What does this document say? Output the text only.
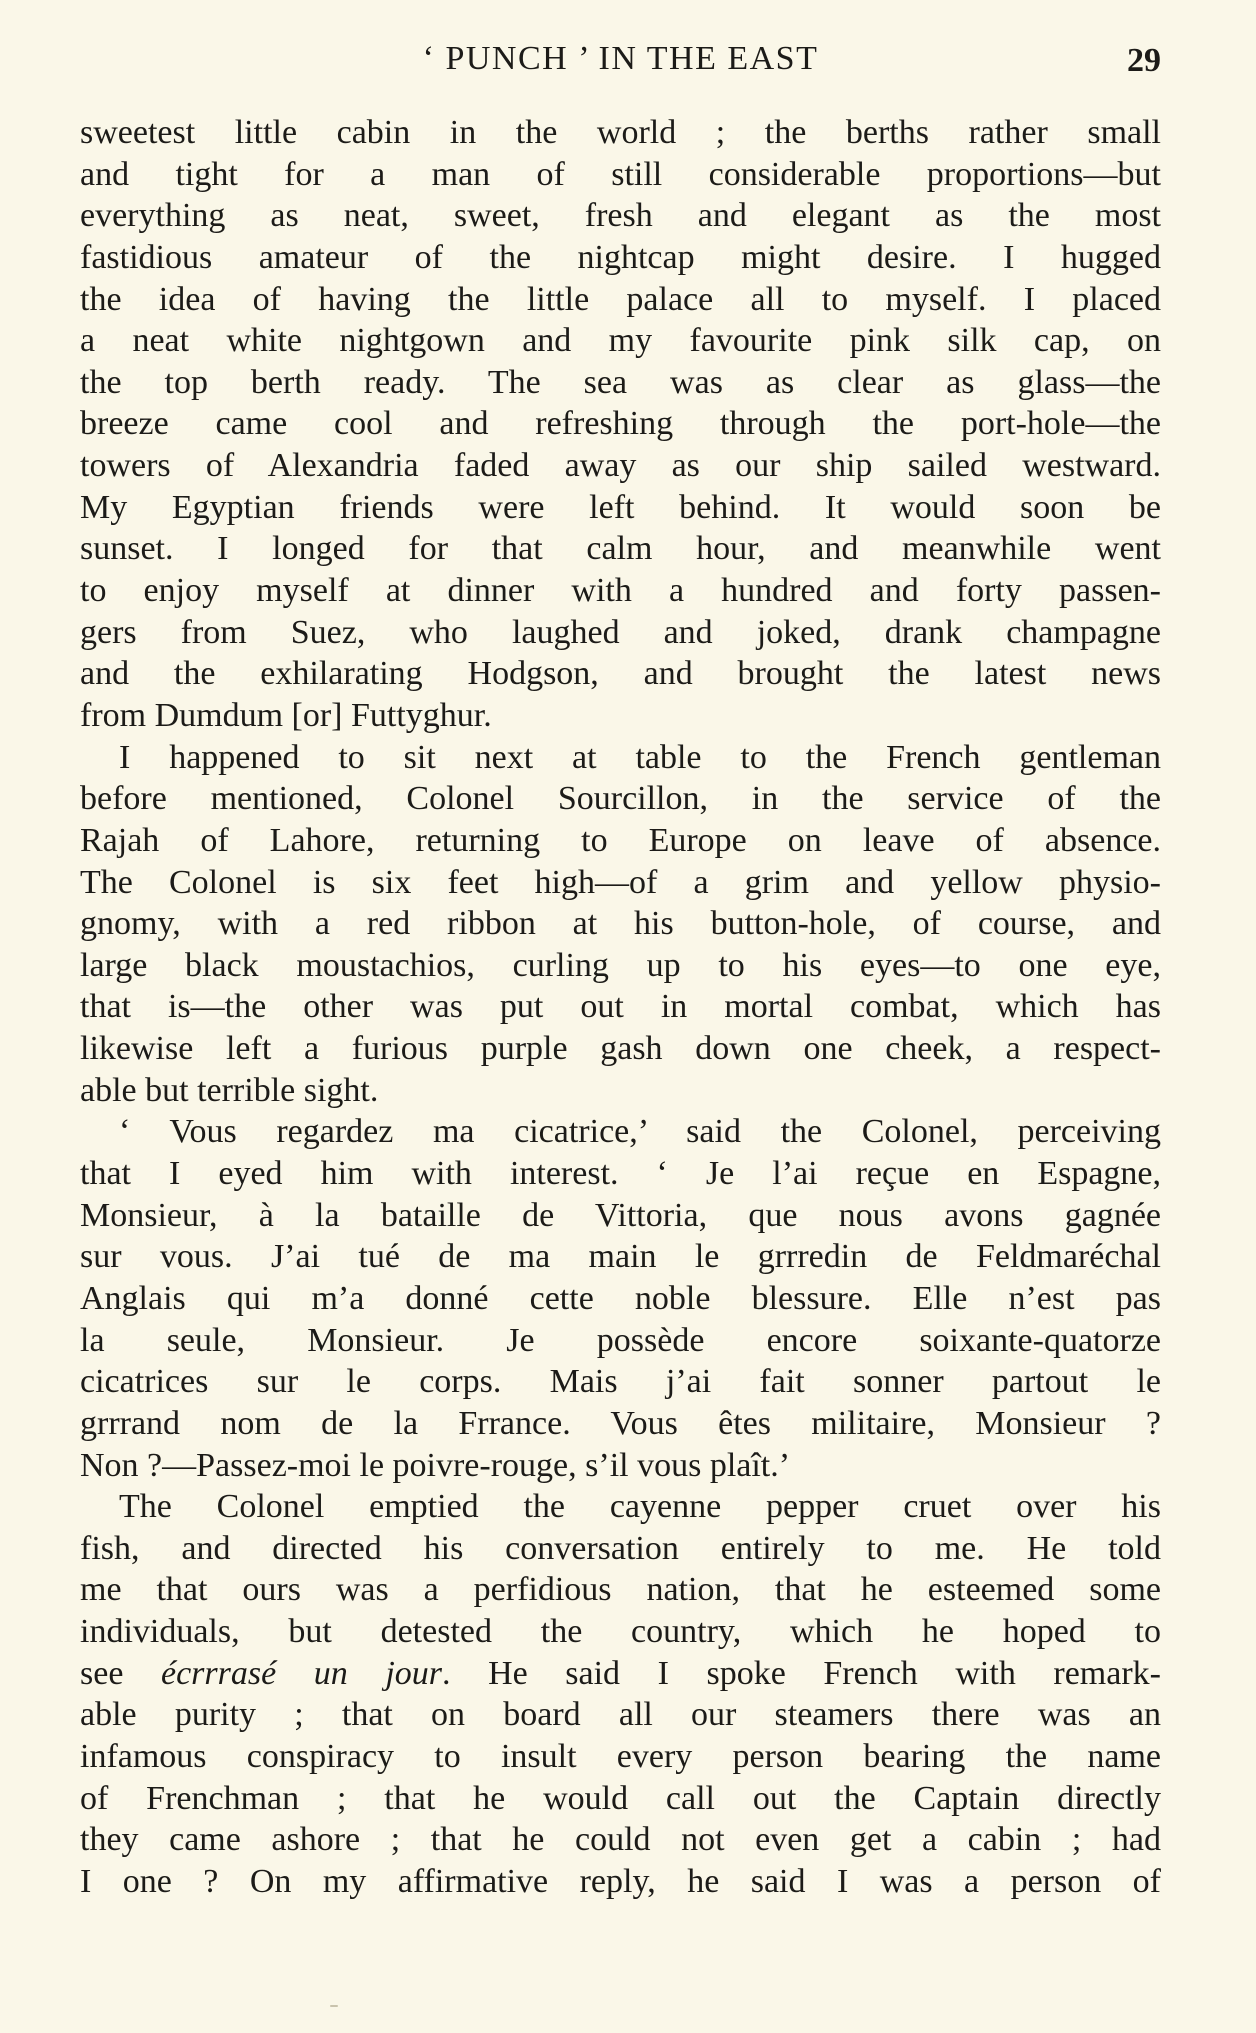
‘ PUNCH ’ IN THE EAST	29
sweetest little cabin in the world ; the berths rather small
and tight for a man of still considerable proportions—but
everything as neat, sweet, fresh and elegant as the most
fastidious amateur of the nightcap might desire. I hugged
the idea of having the little palace all to myself. I placed
a neat white nightgown and my favourite pink silk cap, on
the top berth ready. The sea was as clear as glass—the
breeze came cool and refreshing through the port-hole—the
towers of Alexandria faded away as our ship sailed westward.
My Egyptian friends were left behind. It would soon be
sunset. I longed for that calm hour, and meanwhile went
to enjoy myself at dinner with a hundred and forty passen-
gers from Suez, who laughed and joked, drank champagne
and the exhilarating Hodgson, and brought the latest news
from Dumdum [or] Futtyghur.
I happened to sit next at table to the French gentleman
before mentioned, Colonel Sourcillon, in the service of the
Rajah of Lahore, returning to Europe on leave of absence.
The Colonel is six feet high—of a grim and yellow physio-
gnomy, with a red ribbon at his button-hole, of course, and
large black moustachios, curling up to his eyes—to one eye,
that is—the other was put out in mortal combat, which has
likewise left a furious purple gash down one cheek, a respect-
able but terrible sight.
‘ Vous regardez ma cicatrice,’ said the Colonel, perceiving
that I eyed him with interest. ‘ Je l’ai reçue en Espagne,
Monsieur, à la bataille de Vittoria, que nous avons gagnée
sur vous. J’ai tué de ma main le grrredin de Feldmaréchal
Anglais qui m’a donné cette noble blessure. Elle n’est pas
la seule, Monsieur. Je possède encore soixante-quatorze
cicatrices sur le corps. Mais j’ai fait sonner partout le
grrrand nom de la Frrance. Vous êtes militaire, Monsieur ?
Non ?—Passez-moi le poivre-rouge, s’il vous plaît.’
The Colonel emptied the cayenne pepper cruet over his
fish, and directed his conversation entirely to me. He told
me that ours was a perfidious nation, that he esteemed some
individuals, but detested the country, which he hoped to
see écrrrasé un jour. He said I spoke French with remark-
able purity ; that on board all our steamers there was an
infamous conspiracy to insult every person bearing the name
of Frenchman ; that he would call out the Captain directly
they came ashore ; that he could not even get a cabin ; had
I one ? On my affirmative reply, he said I was a person of
